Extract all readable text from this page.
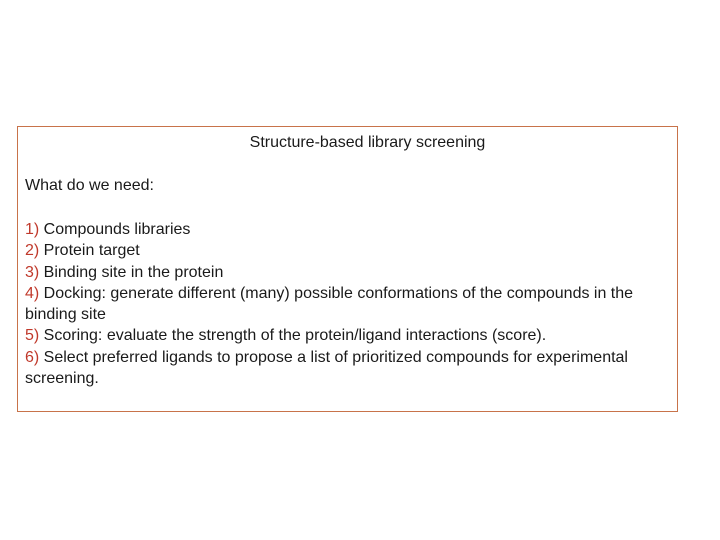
Structure-based library screening
What do we need:
1) Compounds libraries
2) Protein target
3) Binding site in the protein
4) Docking: generate different (many) possible conformations of the compounds in the binding site
5) Scoring: evaluate the strength of the protein/ligand interactions (score).
6) Select preferred ligands to propose a list of prioritized compounds for experimental screening.
